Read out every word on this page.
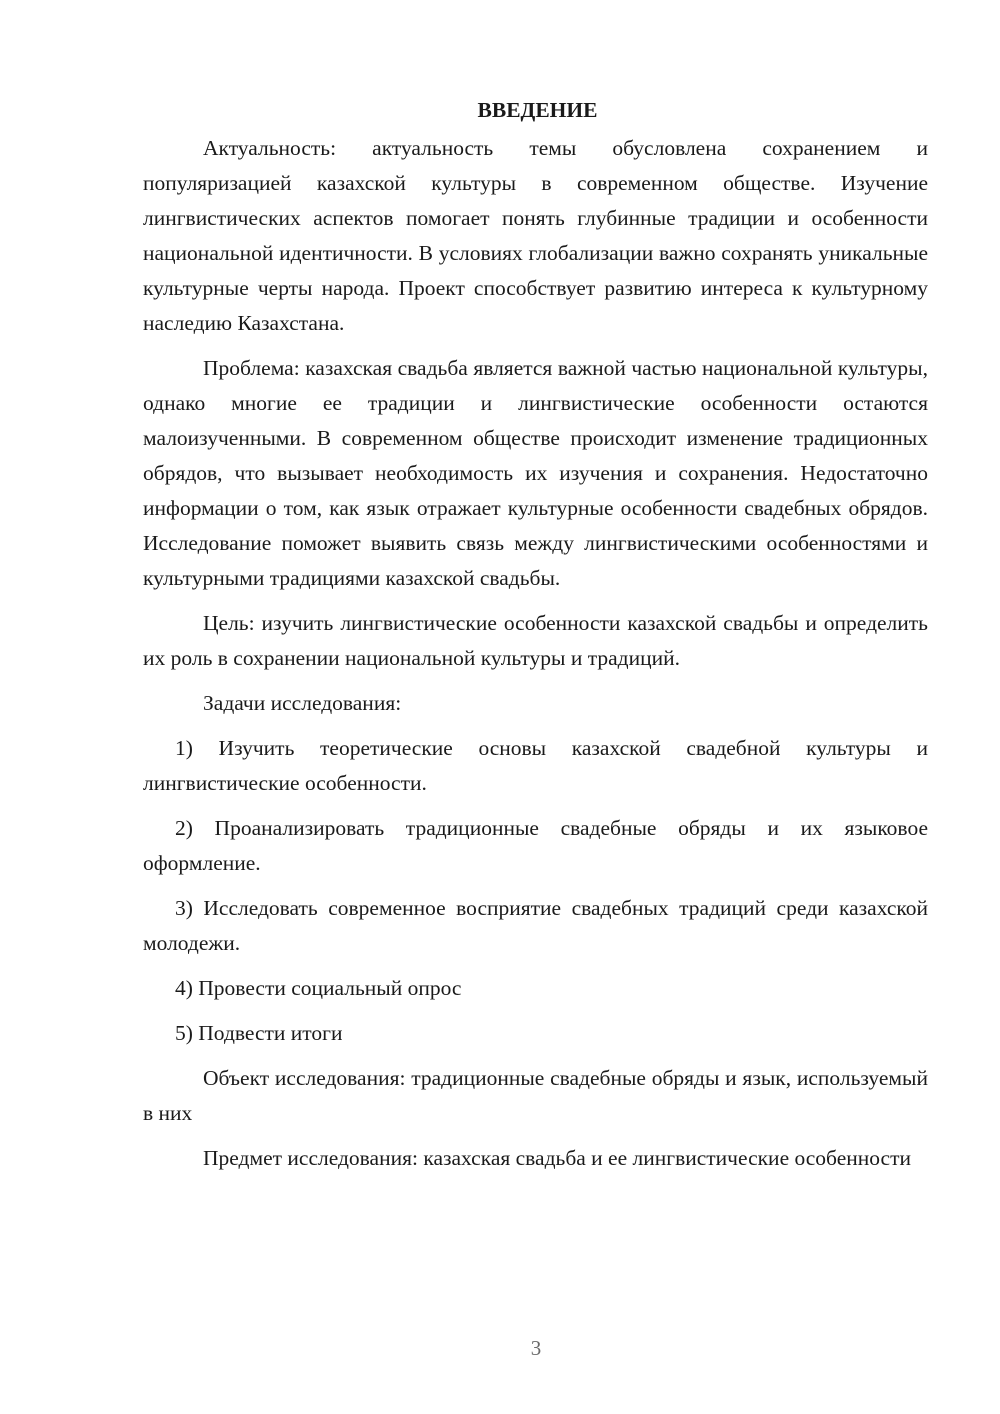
ВВЕДЕНИЕ

Актуальность: актуальность темы обусловлена сохранением и популяризацией казахской культуры в современном обществе. Изучение лингвистических аспектов помогает понять глубинные традиции и особенности национальной идентичности. В условиях глобализации важно сохранять уникальные культурные черты народа. Проект способствует развитию интереса к культурному наследию Казахстана.

Проблема: казахская свадьба является важной частью национальной культуры, однако многие ее традиции и лингвистические особенности остаются малоизученными. В современном обществе происходит изменение традиционных обрядов, что вызывает необходимость их изучения и сохранения. Недостаточно информации о том, как язык отражает культурные особенности свадебных обрядов. Исследование поможет выявить связь между лингвистическими особенностями и культурными традициями казахской свадьбы.

Цель: изучить лингвистические особенности казахской свадьбы и определить их роль в сохранении национальной культуры и традиций.

Задачи исследования:

1) Изучить теоретические основы казахской свадебной культуры и лингвистические особенности.

2) Проанализировать традиционные свадебные обряды и их языковое оформление.

3) Исследовать современное восприятие свадебных традиций среди казахской молодежи.

4) Провести социальный опрос

5) Подвести итоги

Объект исследования: традиционные свадебные обряды и язык, используемый в них

Предмет исследования: казахская свадьба и ее лингвистические особенности

3
